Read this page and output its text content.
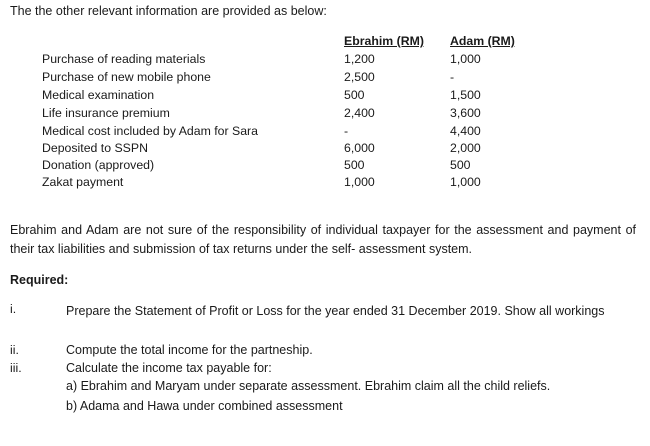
The the other relevant information are provided as below:
Ebrahim (RM) Adam (RM)
Purchase of reading materials	1,200	1,000
Purchase of new mobile phone	2,500	-
Medical examination	500	1,500
Life insurance premium	2,400	3,600
Medical cost included by Adam for Sara	-	4,400
Deposited to SSPN	6,000	2,000
Donation (approved)	500	500
Zakat payment	1,000	1,000
Ebrahim and Adam are not sure of the responsibility of individual taxpayer for the assessment and payment of their tax liabilities and submission of tax returns under the self- assessment system.
Required:
i.	Prepare the Statement of Profit or Loss for the year ended 31 December 2019. Show all workings
ii.	Compute the total income for the partneship.
iii.	Calculate the income tax payable for:
a) Ebrahim and Maryam under separate assessment. Ebrahim claim all the child reliefs.
b) Adama and Hawa under combined assessment
